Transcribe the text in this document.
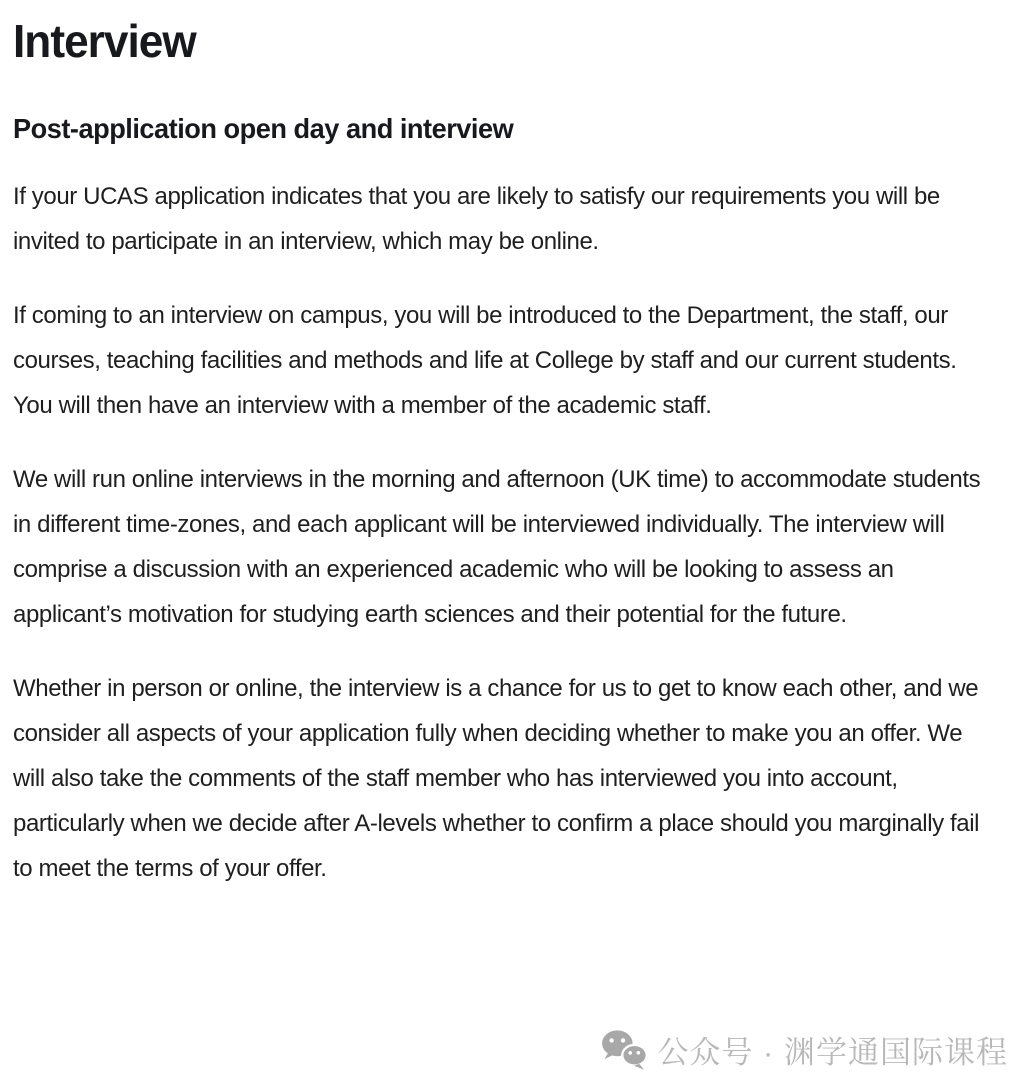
Interview
Post-application open day and interview

If your UCAS application indicates that you are likely to satisfy our requirements you will be invited to participate in an interview, which may be online.

If coming to an interview on campus, you will be introduced to the Department, the staff, our courses, teaching facilities and methods and life at College by staff and our current students. You will then have an interview with a member of the academic staff.

We will run online interviews in the morning and afternoon (UK time) to accommodate students in different time-zones, and each applicant will be interviewed individually. The interview will comprise a discussion with an experienced academic who will be looking to assess an applicant’s motivation for studying earth sciences and their potential for the future.

Whether in person or online, the interview is a chance for us to get to know each other, and we consider all aspects of your application fully when deciding whether to make you an offer. We will also take the comments of the staff member who has interviewed you into account, particularly when we decide after A-levels whether to confirm a place should you marginally fail to meet the terms of your offer.

公众号 · 渊学通国际课程
